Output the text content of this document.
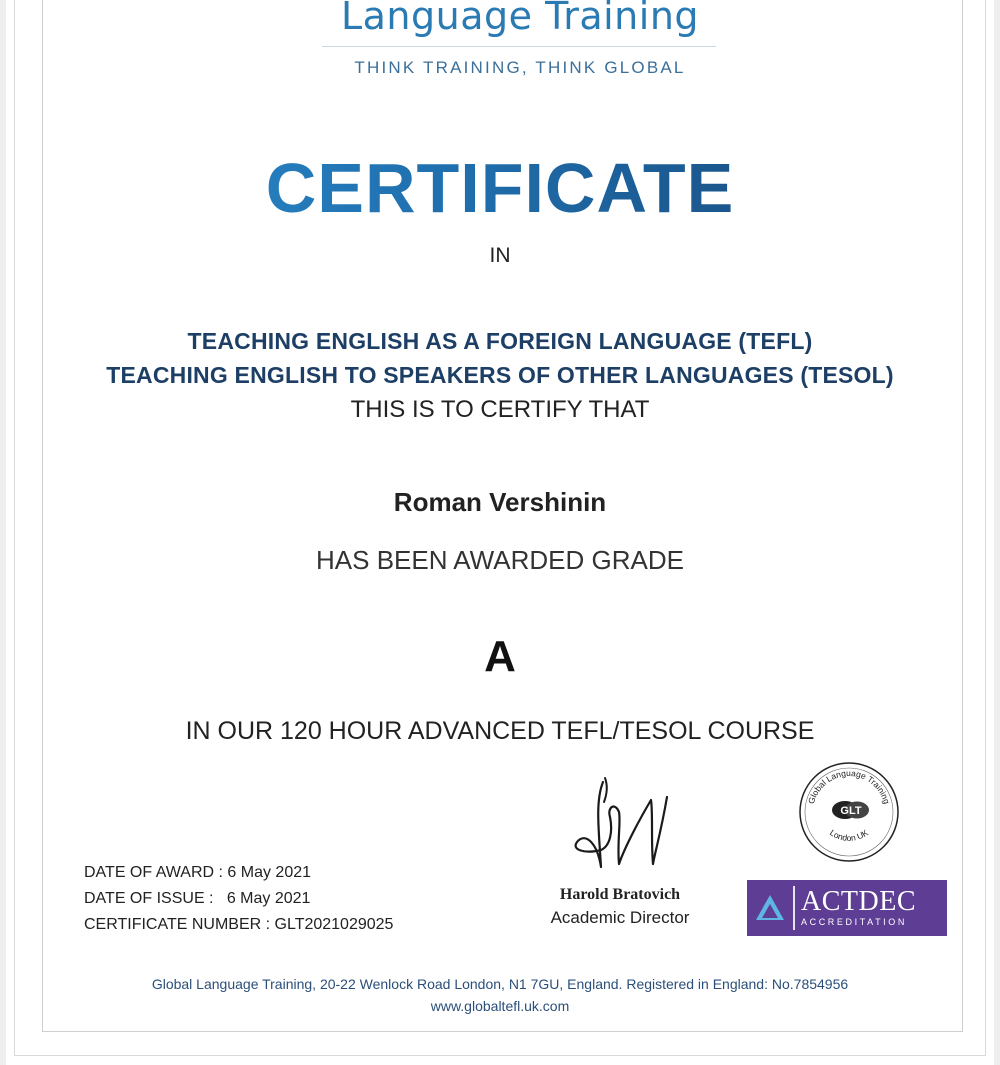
Language Training
THINK TRAINING, THINK GLOBAL
CERTIFICATE
IN
TEACHING ENGLISH AS A FOREIGN LANGUAGE (TEFL)
TEACHING ENGLISH TO SPEAKERS OF OTHER LANGUAGES (TESOL)
THIS IS TO CERTIFY THAT
Roman Vershinin
HAS BEEN AWARDED GRADE
A
IN OUR 120 HOUR ADVANCED TEFL/TESOL COURSE
DATE OF AWARD : 6 May 2021
DATE OF ISSUE :   6 May 2021
CERTIFICATE NUMBER : GLT2021029025
Harold Bratovich
Academic Director
Global Language Training
London UK
GLT
ACTDEC
ACCREDITATION
Global Language Training, 20-22 Wenlock Road London, N1 7GU, England. Registered in England: No.7854956
www.globaltefl.uk.com
